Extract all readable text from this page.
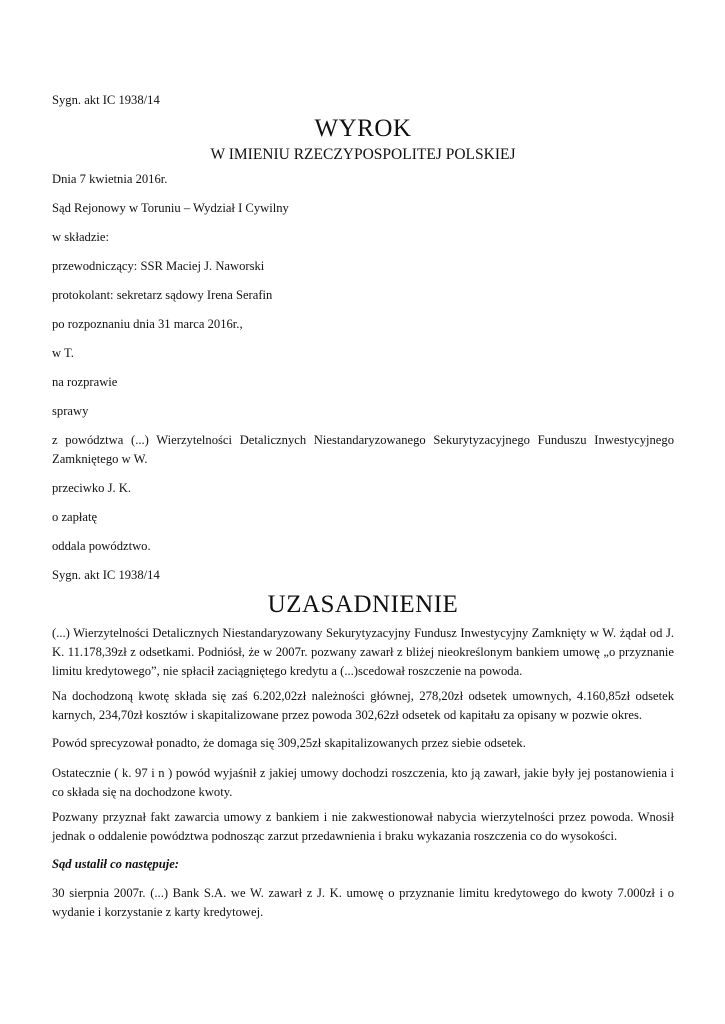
Sygn. akt IC 1938/14

WYROK

W IMIENIU RZECZYPOSPOLITEJ POLSKIEJ

Dnia 7 kwietnia 2016r.

Sąd Rejonowy w Toruniu – Wydział I Cywilny

w składzie:

przewodniczący: SSR Maciej J. Naworski

protokolant: sekretarz sądowy Irena Serafin

po rozpoznaniu dnia 31 marca 2016r.,

w T.

na rozprawie

sprawy

z powództwa (...) Wierzytelności Detalicznych Niestandaryzowanego Sekurytyzacyjnego Funduszu Inwestycyjnego Zamkniętego w W.

przeciwko J. K.

o zapłatę

oddala powództwo.

Sygn. akt IC 1938/14

UZASADNIENIE

(...) Wierzytelności Detalicznych Niestandaryzowany Sekurytyzacyjny Fundusz Inwestycyjny Zamknięty w W. żądał od J. K. 11.178,39zł z odsetkami. Podniósł, że w 2007r. pozwany zawarł z bliżej nieokreślonym bankiem umowę „o przyznanie limitu kredytowego”, nie spłacił zaciągniętego kredytu a (...)scedował roszczenie na powoda.

Na dochodzoną kwotę składa się zaś 6.202,02zł należności głównej, 278,20zł odsetek umownych, 4.160,85zł odsetek karnych, 234,70zł kosztów i skapitalizowane przez powoda 302,62zł odsetek od kapitału za opisany w pozwie okres.

Powód sprecyzował ponadto, że domaga się 309,25zł skapitalizowanych przez siebie odsetek.

Ostatecznie ( k. 97 i n ) powód wyjaśnił z jakiej umowy dochodzi roszczenia, kto ją zawarł, jakie były jej postanowienia i co składa się na dochodzone kwoty.

Pozwany przyznał fakt zawarcia umowy z bankiem i nie zakwestionował nabycia wierzytelności przez powoda. Wnosił jednak o oddalenie powództwa podnosząc zarzut przedawnienia i braku wykazania roszczenia co do wysokości.

Sąd ustalił co następuje:

30 sierpnia 2007r. (...) Bank S.A. we W. zawarł z J. K. umowę o przyznanie limitu kredytowego do kwoty 7.000zł i o wydanie i korzystanie z karty kredytowej.
